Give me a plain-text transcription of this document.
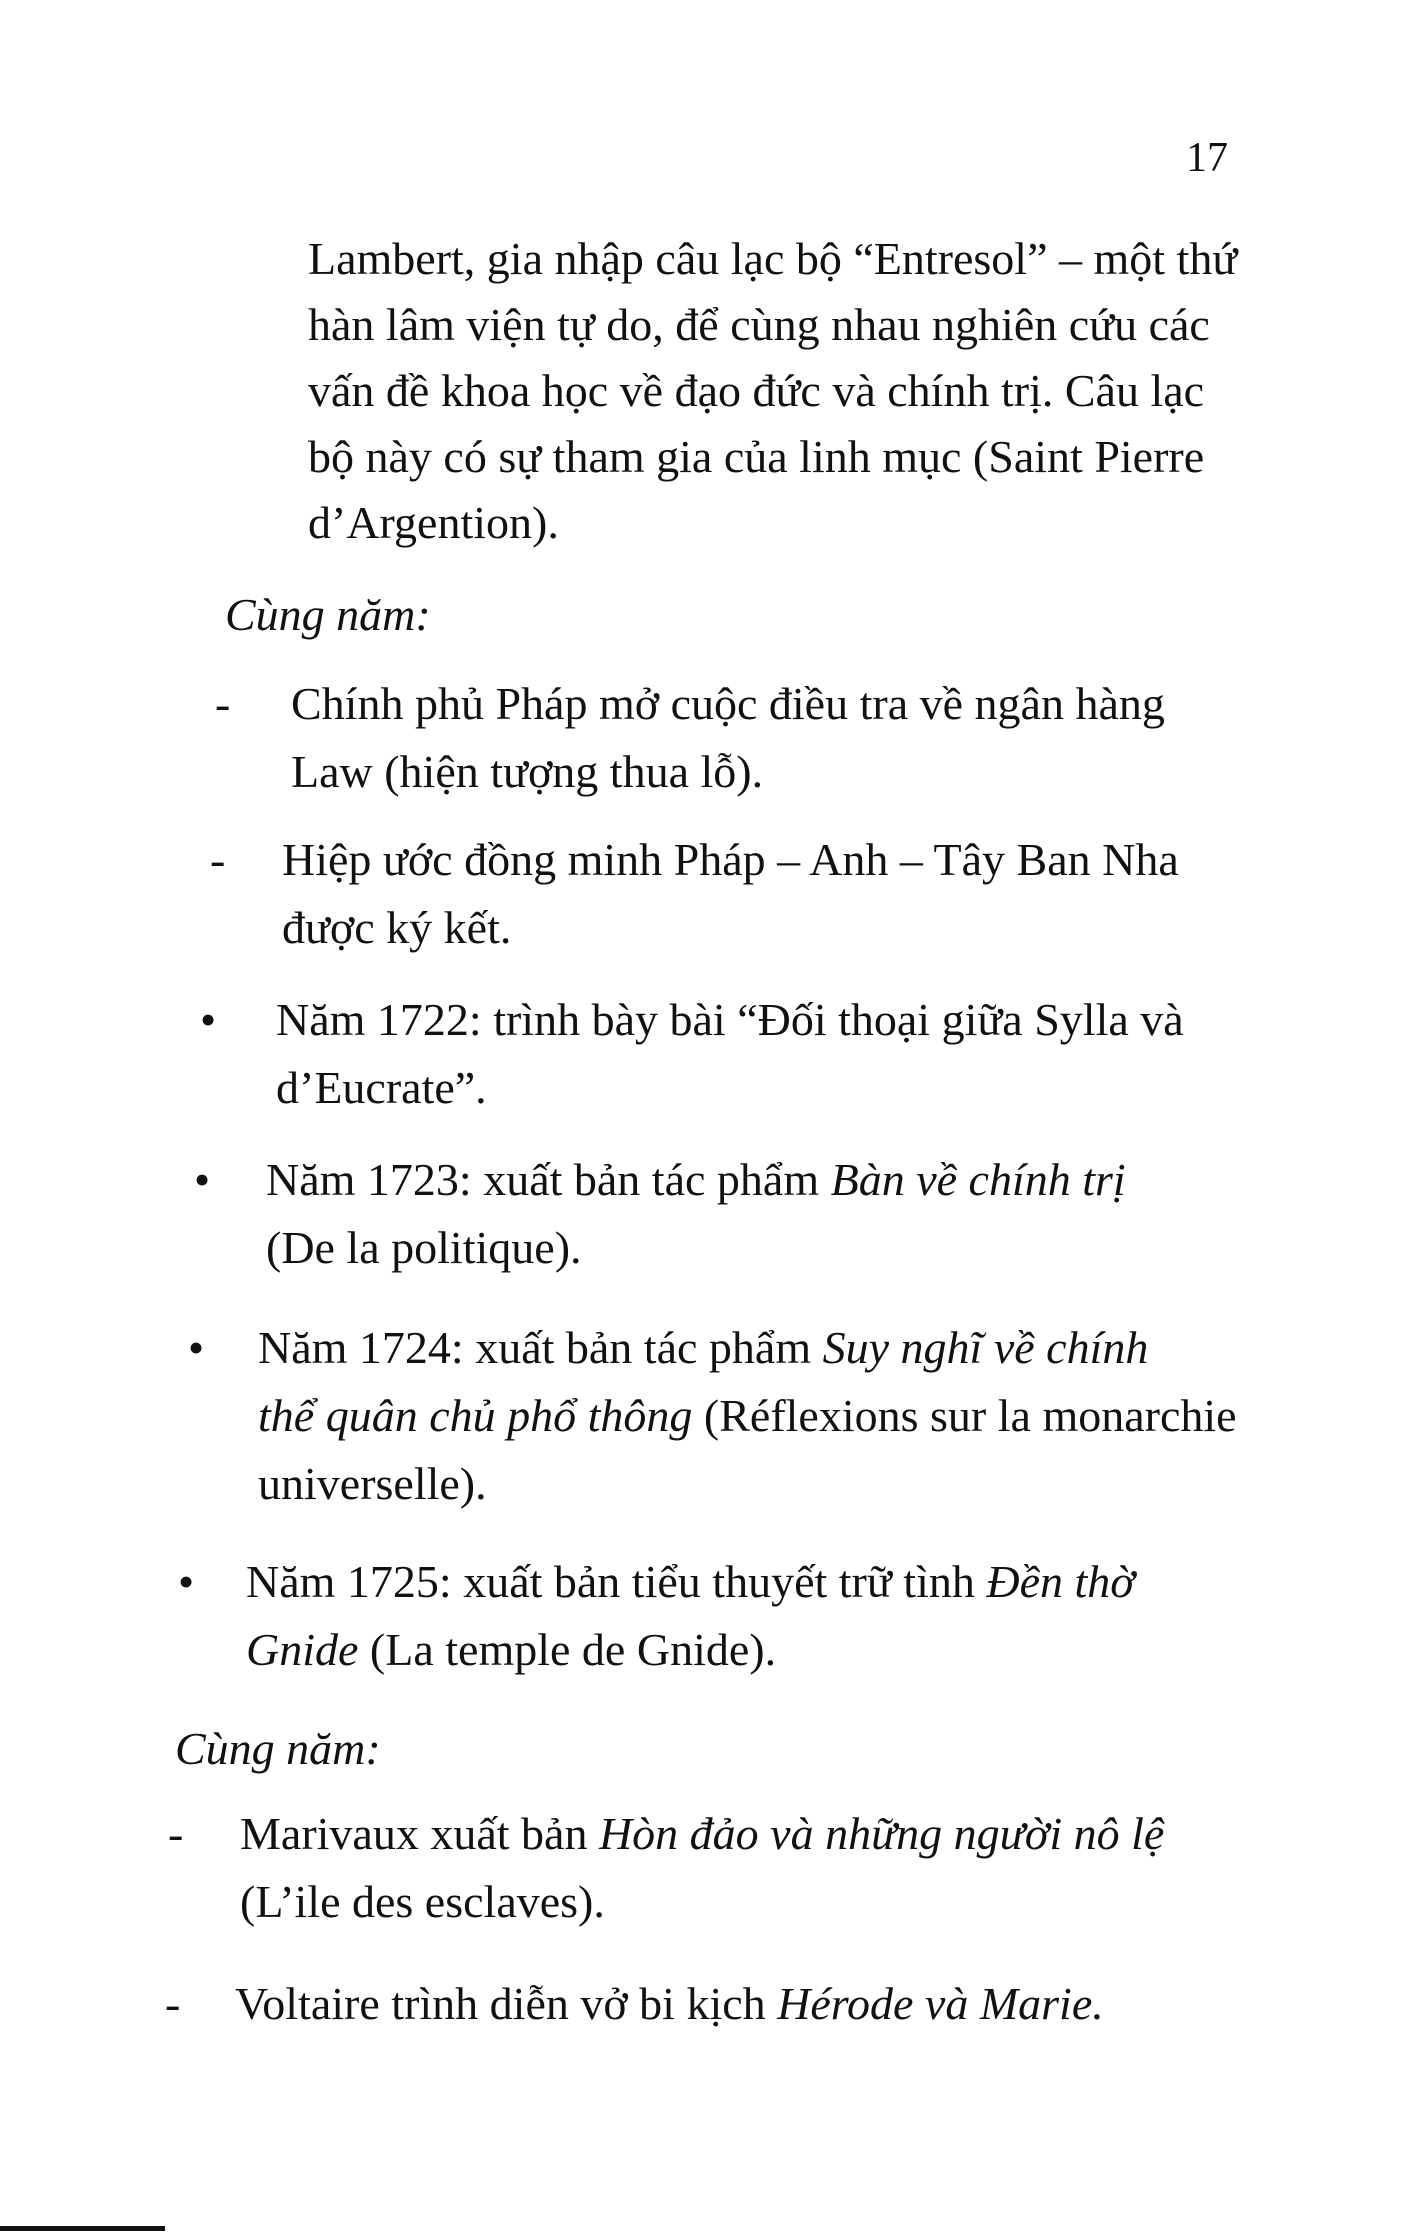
17
Lambert, gia nhập câu lạc bộ “Entresol” – một thứ
hàn lâm viện tự do, để cùng nhau nghiên cứu các
vấn đề khoa học về đạo đức và chính trị. Câu lạc
bộ này có sự tham gia của linh mục (Saint Pierre
d’Argention).
Cùng năm:
- Chính phủ Pháp mở cuộc điều tra về ngân hàng
Law (hiện tượng thua lỗ).
- Hiệp ước đồng minh Pháp – Anh – Tây Ban Nha
được ký kết.
• Năm 1722: trình bày bài “Đối thoại giữa Sylla và
d’Eucrate”.
• Năm 1723: xuất bản tác phẩm Bàn về chính trị
(De la politique).
• Năm 1724: xuất bản tác phẩm Suy nghĩ về chính
thể quân chủ phổ thông (Réflexions sur la monarchie
universelle).
• Năm 1725: xuất bản tiểu thuyết trữ tình Đền thờ
Gnide (La temple de Gnide).
Cùng năm:
- Marivaux xuất bản Hòn đảo và những người nô lệ
(L’ile des esclaves).
- Voltaire trình diễn vở bi kịch Hérode và Marie.
